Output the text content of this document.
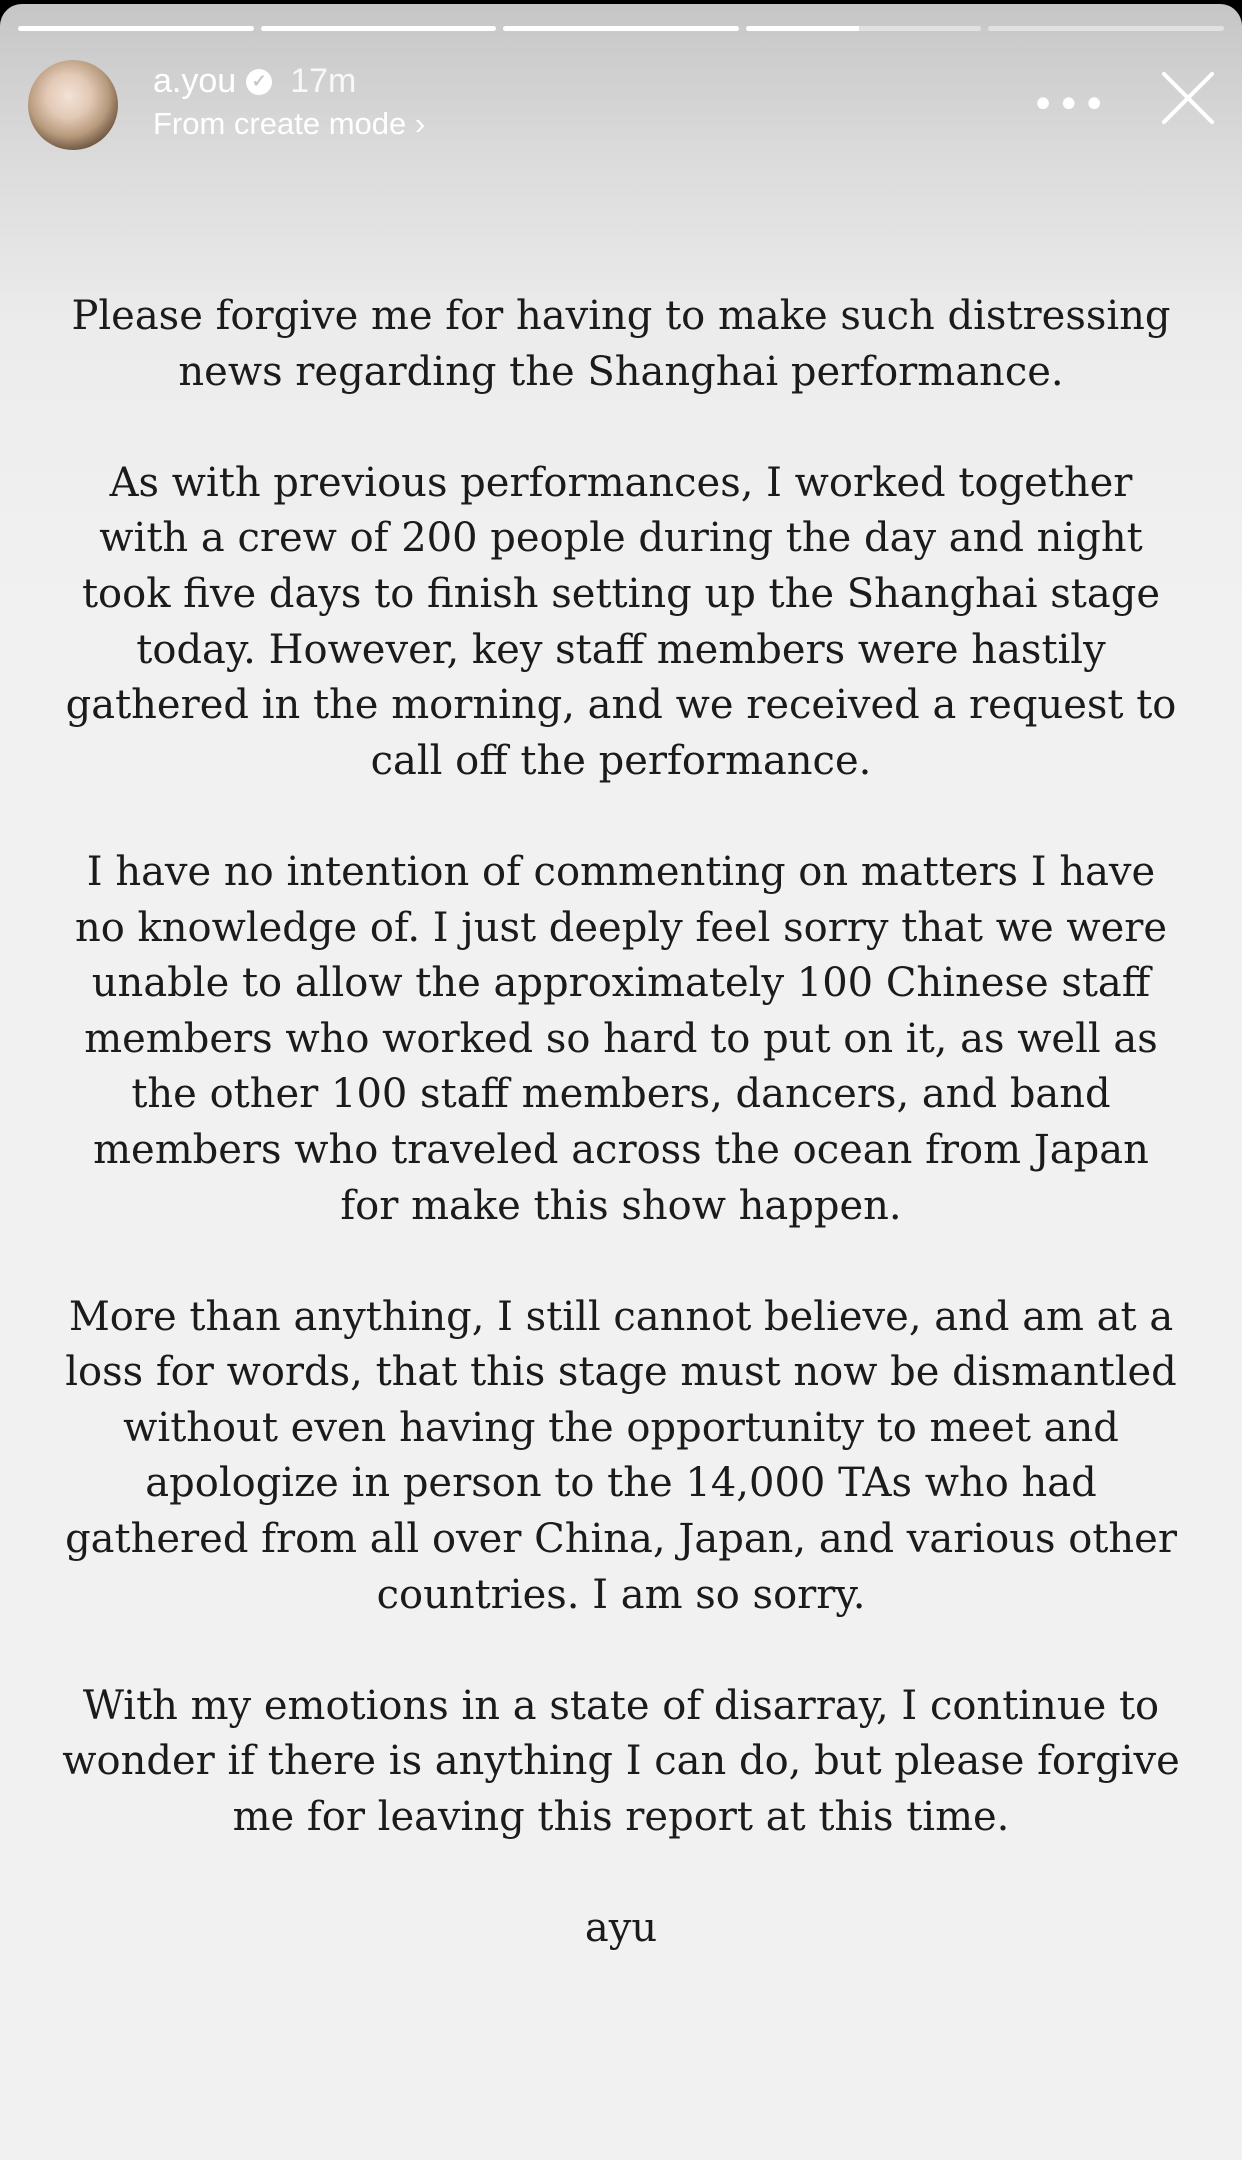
a.you ✓ 17m
From create mode ›	•••

Please forgive me for having to make such distressing news regarding the Shanghai performance.

As with previous performances, I worked together with a crew of 200 people during the day and night took five days to finish setting up the Shanghai stage today. However, key staff members were hastily gathered in the morning, and we received a request to call off the performance.

I have no intention of commenting on matters I have no knowledge of. I just deeply feel sorry that we were unable to allow the approximately 100 Chinese staff members who worked so hard to put on it, as well as the other 100 staff members, dancers, and band members who traveled across the ocean from Japan for make this show happen.

More than anything, I still cannot believe, and am at a loss for words, that this stage must now be dismantled without even having the opportunity to meet and apologize in person to the 14,000 TAs who had gathered from all over China, Japan, and various other countries. I am so sorry.

With my emotions in a state of disarray, I continue to wonder if there is anything I can do, but please forgive me for leaving this report at this time.

ayu
